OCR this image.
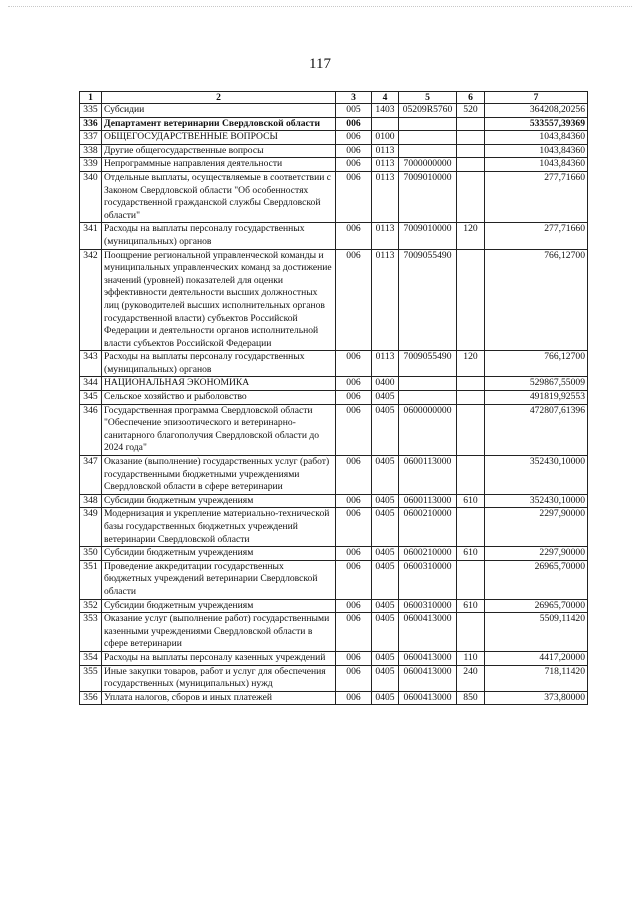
117
1	2	3	4	5	6	7
335	Субсидии	005	1403	05209R5760	520	364208,20256
336	Департамент ветеринарии Свердловской области	006				533557,39369
337	ОБЩЕГОСУДАРСТВЕННЫЕ ВОПРОСЫ	006	0100			1043,84360
338	Другие общегосударственные вопросы	006	0113			1043,84360
339	Непрограммные направления деятельности	006	0113	7000000000		1043,84360
340	Отдельные выплаты, осуществляемые в соответствии с Законом Свердловской области "Об особенностях государственной гражданской службы Свердловской области"	006	0113	7009010000		277,71660
341	Расходы на выплаты персоналу государственных (муниципальных) органов	006	0113	7009010000	120	277,71660
342	Поощрение региональной управленческой команды и муниципальных управленческих команд за достижение значений (уровней) показателей для оценки эффективности деятельности высших должностных лиц (руководителей высших исполнительных органов государственной власти) субъектов Российской Федерации и деятельности органов исполнительной власти субъектов Российской Федерации	006	0113	7009055490		766,12700
343	Расходы на выплаты персоналу государственных (муниципальных) органов	006	0113	7009055490	120	766,12700
344	НАЦИОНАЛЬНАЯ ЭКОНОМИКА	006	0400			529867,55009
345	Сельское хозяйство и рыболовство	006	0405			491819,92553
346	Государственная программа Свердловской области "Обеспечение эпизоотического и ветеринарно-санитарного благополучия Свердловской области до 2024 года"	006	0405	0600000000		472807,61396
347	Оказание (выполнение) государственных услуг (работ) государственными бюджетными учреждениями Свердловской области в сфере ветеринарии	006	0405	0600113000		352430,10000
348	Субсидии бюджетным учреждениям	006	0405	0600113000	610	352430,10000
349	Модернизация и укрепление материально-технической базы государственных бюджетных учреждений ветеринарии Свердловской области	006	0405	0600210000		2297,90000
350	Субсидии бюджетным учреждениям	006	0405	0600210000	610	2297,90000
351	Проведение аккредитации государственных бюджетных учреждений ветеринарии Свердловской области	006	0405	0600310000		26965,70000
352	Субсидии бюджетным учреждениям	006	0405	0600310000	610	26965,70000
353	Оказание услуг (выполнение работ) государственными казенными учреждениями Свердловской области в сфере ветеринарии	006	0405	0600413000		5509,11420
354	Расходы на выплаты персоналу казенных учреждений	006	0405	0600413000	110	4417,20000
355	Иные закупки товаров, работ и услуг для обеспечения государственных (муниципальных) нужд	006	0405	0600413000	240	718,11420
356	Уплата налогов, сборов и иных платежей	006	0405	0600413000	850	373,80000
